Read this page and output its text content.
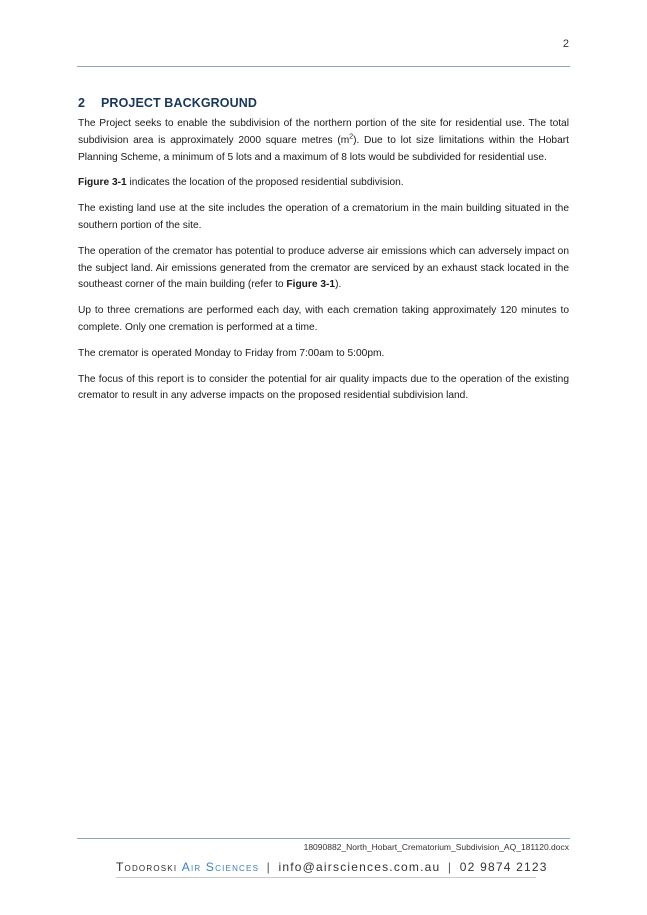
2
2 PROJECT BACKGROUND

The Project seeks to enable the subdivision of the northern portion of the site for residential use. The total subdivision area is approximately 2000 square metres $(m^2)$. Due to lot size limitations within the Hobart Planning Scheme, a minimum of 5 lots and a maximum of 8 lots would be subdivided for residential use.

Figure 3-1 indicates the location of the proposed residential subdivision.

The existing land use at the site includes the operation of a crematorium in the main building situated in the southern portion of the site.

The operation of the cremator has potential to produce adverse air emissions which can adversely impact on the subject land. Air emissions generated from the cremator are serviced by an exhaust stack located in the southeast corner of the main building (refer to Figure 3-1).

Up to three cremations are performed each day, with each cremation taking approximately 120 minutes to complete. Only one cremation is performed at a time.

The cremator is operated Monday to Friday from 7:00am to 5:00pm.

The focus of this report is to consider the potential for air quality impacts due to the operation of the existing cremator to result in any adverse impacts on the proposed residential subdivision land.

18090882_North_Hobart_Crematorium_Subdivision_AQ_181120.docx
Todoroski Air Sciences | info@airsciences.com.au | 02 9874 2123
